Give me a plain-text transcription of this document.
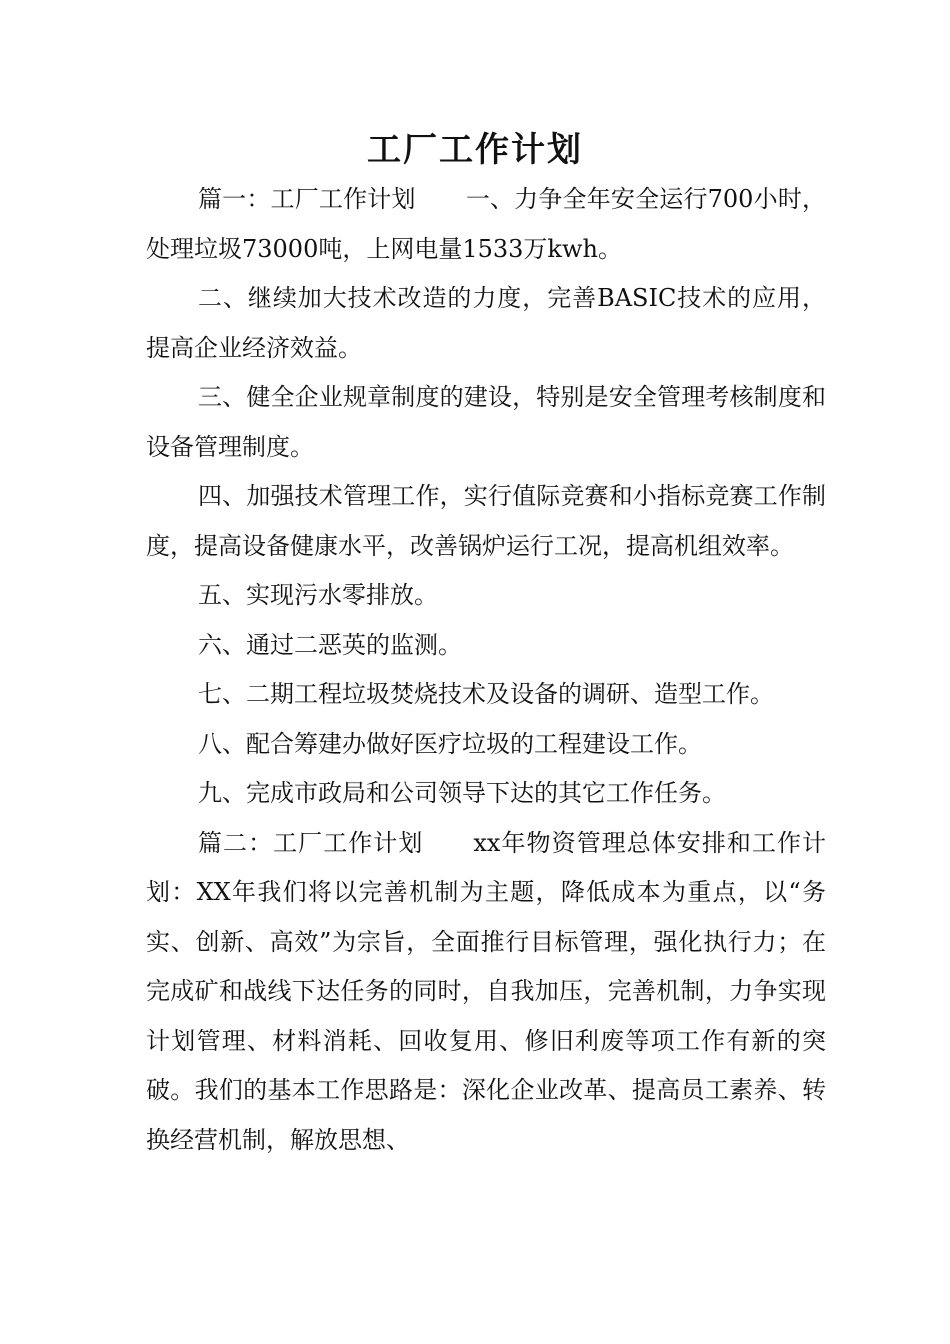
工厂工作计划

篇一：工厂工作计划 一、力争全年安全运行700小时，处理垃圾73000吨，上网电量1533万kwh。

二、继续加大技术改造的力度，完善BASIC技术的应用，提高企业经济效益。

三、健全企业规章制度的建设，特别是安全管理考核制度和设备管理制度。

四、加强技术管理工作，实行值际竞赛和小指标竞赛工作制度，提高设备健康水平，改善锅炉运行工况，提高机组效率。

五、实现污水零排放。

六、通过二恶英的监测。

七、二期工程垃圾焚烧技术及设备的调研、造型工作。

八、配合筹建办做好医疗垃圾的工程建设工作。

九、完成市政局和公司领导下达的其它工作任务。

篇二：工厂工作计划 xx年物资管理总体安排和工作计划：XX年我们将以完善机制为主题，降低成本为重点，以“务实、创新、高效”为宗旨，全面推行目标管理，强化执行力；在完成矿和战线下达任务的同时，自我加压，完善机制，力争实现计划管理、材料消耗、回收复用、修旧利废等项工作有新的突破。我们的基本工作思路是：深化企业改革、提高员工素养、转换经营机制，解放思想、
